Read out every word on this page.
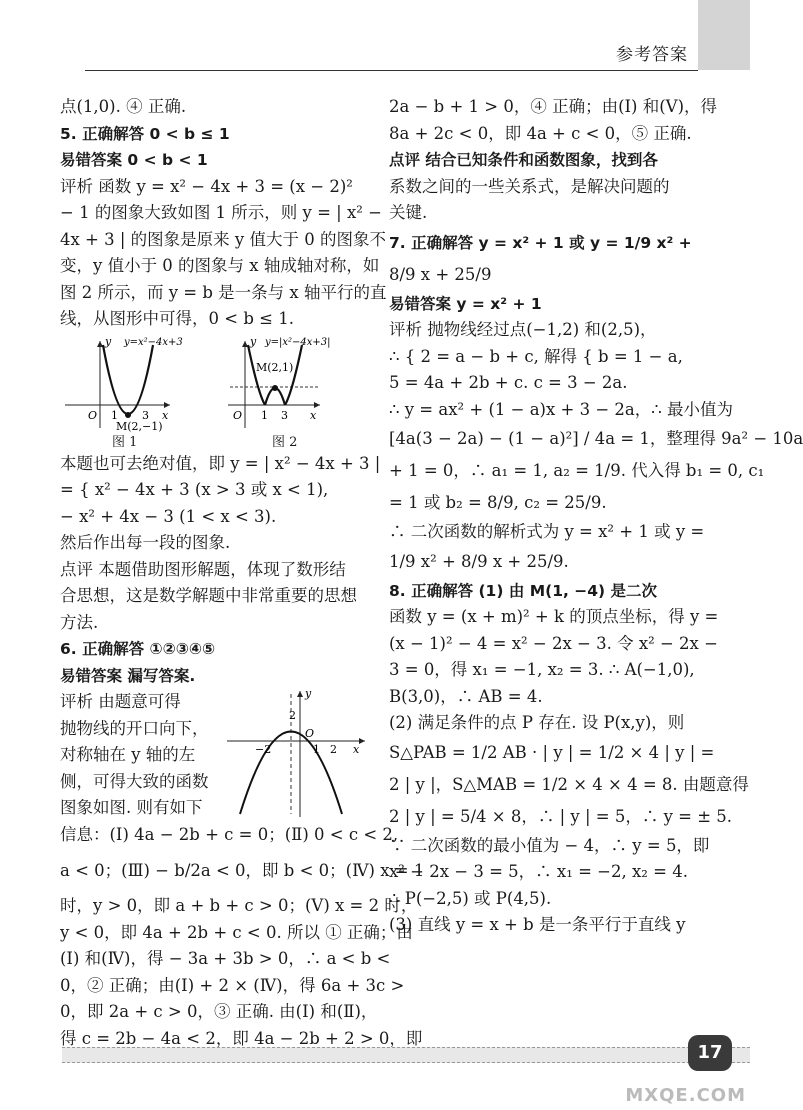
参考答案
点(1,0). ④ 正确.
5. 正确解答 0 < b ≤ 1
易错答案 0 < b < 1
评析 函数 y = x² − 4x + 3 = (x − 2)²
− 1 的图象大致如图 1 所示，则 y = | x² −
4x + 3 | 的图象是原来 y 值大于 0 的图象不
变，y 值小于 0 的图象与 x 轴成轴对称，如
图 2 所示，而 y = b 是一条与 x 轴平行的直
线，从图形中可得，0 < b ≤ 1.
y y=x²−4x+3
O 1 3 x
M(2,−1)
y y=|x²−4x+3|
M(2,1)
O 1 3 x
图 1	图 2
本题也可去绝对值，即 y = | x² − 4x + 3 |
= { x² − 4x + 3 (x > 3 或 x < 1),
− x² + 4x − 3 (1 < x < 3).
然后作出每一段的图象.
点评 本题借助图形解题，体现了数形结
合思想，这是数学解题中非常重要的思想
方法.
6. 正确解答 ①②③④⑤
易错答案 漏写答案.
评析 由题意可得
抛物线的开口向下，
对称轴在 y 轴的左
侧，可得大致的函数
图象如图. 则有如下
y
2
O
−2	1 2 x
信息：(Ⅰ) 4a − 2b + c = 0；(Ⅱ) 0 < c < 2,
a < 0；(Ⅲ) − b/2a < 0，即 b < 0；(Ⅳ) x = 1
时，y > 0，即 a + b + c > 0；(Ⅴ) x = 2 时，
y < 0，即 4a + 2b + c < 0. 所以 ① 正确；由
(Ⅰ) 和(Ⅳ)，得 − 3a + 3b > 0，∴ a < b <
0，② 正确；由(Ⅰ) + 2 × (Ⅳ)，得 6a + 3c >
0，即 2a + c > 0，③ 正确. 由(Ⅰ) 和(Ⅱ)，
得 c = 2b − 4a < 2，即 4a − 2b + 2 > 0，即
2a − b + 1 > 0，④ 正确；由(Ⅰ) 和(Ⅴ)，得
8a + 2c < 0，即 4a + c < 0，⑤ 正确.
点评 结合已知条件和函数图象，找到各
系数之间的一些关系式，是解决问题的
关键.
7. 正确解答 y = x² + 1 或 y = 1/9 x² +
8/9 x + 25/9
易错答案 y = x² + 1
评析 抛物线经过点(−1,2) 和(2,5)，
∴ { 2 = a − b + c, 解得 { b = 1 − a,
5 = 4a + 2b + c. c = 3 − 2a.
∴ y = ax² + (1 − a)x + 3 − 2a，∴ 最小值为
[4a(3 − 2a) − (1 − a)²] / 4a = 1，整理得 9a² − 10a
+ 1 = 0，∴ a₁ = 1, a₂ = 1/9. 代入得 b₁ = 0, c₁
= 1 或 b₂ = 8/9, c₂ = 25/9.
∴ 二次函数的解析式为 y = x² + 1 或 y =
1/9 x² + 8/9 x + 25/9.
8. 正确解答 (1) 由 M(1, −4) 是二次
函数 y = (x + m)² + k 的顶点坐标，得 y =
(x − 1)² − 4 = x² − 2x − 3. 令 x² − 2x −
3 = 0，得 x₁ = −1, x₂ = 3. ∴ A(−1,0),
B(3,0)，∴ AB = 4.
(2) 满足条件的点 P 存在. 设 P(x,y)，则
S△PAB = 1/2 AB · | y | = 1/2 × 4 | y | =
2 | y |，S△MAB = 1/2 × 4 × 4 = 8. 由题意得
2 | y | = 5/4 × 8，∴ | y | = 5，∴ y = ± 5.
∵ 二次函数的最小值为 − 4，∴ y = 5，即
x² − 2x − 3 = 5，∴ x₁ = −2, x₂ = 4.
∴ P(−2,5) 或 P(4,5).
(3) 直线 y = x + b 是一条平行于直线 y
17
MXQE.COM
